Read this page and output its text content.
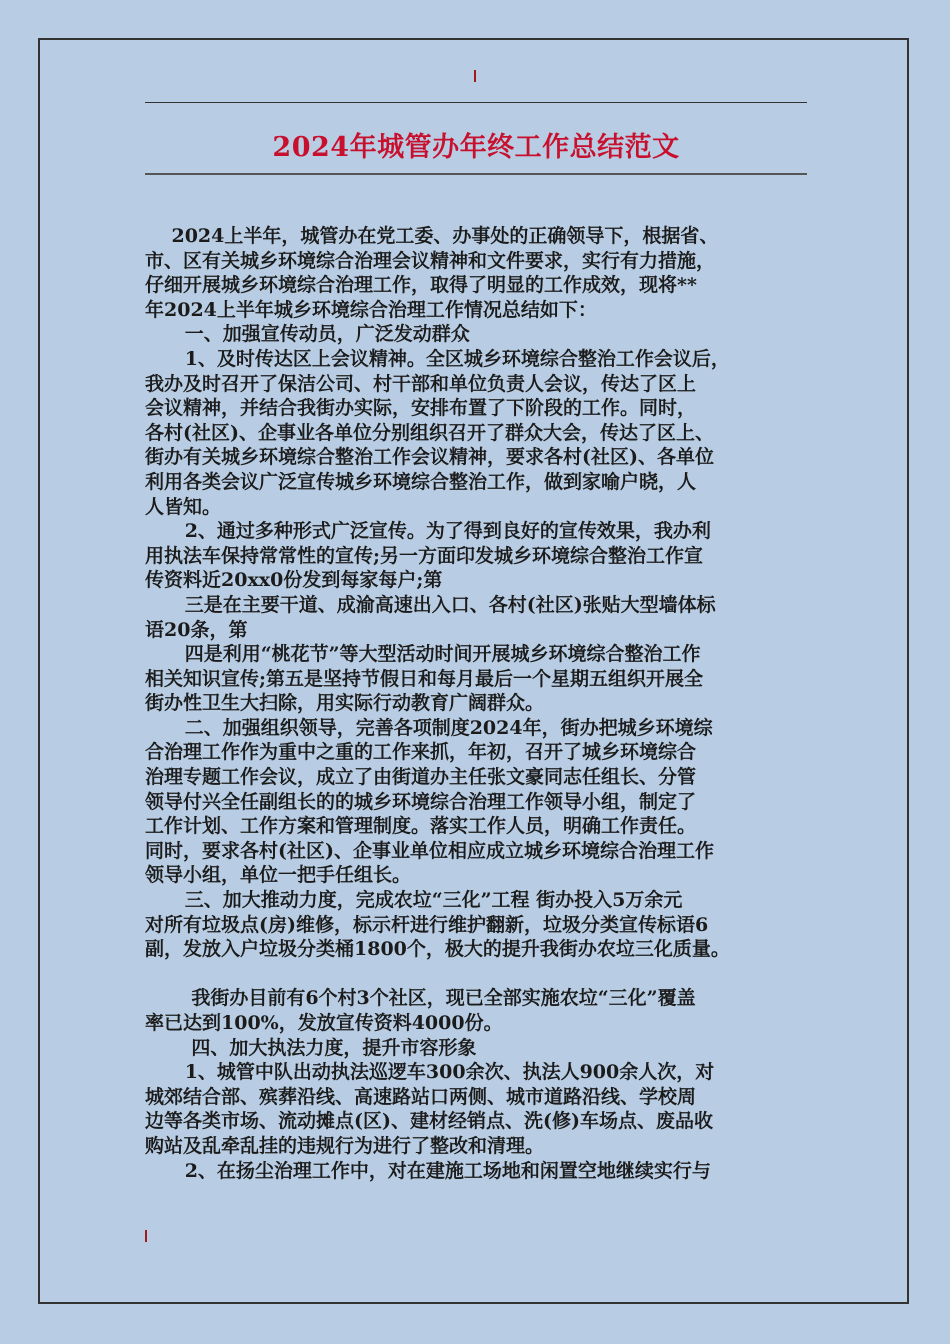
2024年城管办年终工作总结范文

2024上半年，城管办在党工委、办事处的正确领导下，根据省、
市、区有关城乡环境综合治理会议精神和文件要求，实行有力措施，
仔细开展城乡环境综合治理工作，取得了明显的工作成效，现将**
年2024上半年城乡环境综合治理工作情况总结如下：

一、加强宣传动员，广泛发动群众

1、及时传达区上会议精神。全区城乡环境综合整治工作会议后，
我办及时召开了保洁公司、村干部和单位负责人会议，传达了区上
会议精神，并结合我街办实际，安排布置了下阶段的工作。同时，
各村(社区)、企事业各单位分别组织召开了群众大会，传达了区上、
街办有关城乡环境综合整治工作会议精神，要求各村(社区)、各单位
利用各类会议广泛宣传城乡环境综合整治工作，做到家喻户晓，人
人皆知。

2、通过多种形式广泛宣传。为了得到良好的宣传效果，我办利
用执法车保持常常性的宣传;另一方面印发城乡环境综合整治工作宣
传资料近20xx0份发到每家每户;第

三是在主要干道、成渝高速出入口、各村(社区)张贴大型墙体标
语20条，第

四是利用“桃花节”等大型活动时间开展城乡环境综合整治工作
相关知识宣传;第五是坚持节假日和每月最后一个星期五组织开展全
街办性卫生大扫除，用实际行动教育广阔群众。

二、加强组织领导，完善各项制度2024年，街办把城乡环境综
合治理工作作为重中之重的工作来抓，年初，召开了城乡环境综合
治理专题工作会议，成立了由街道办主任张文豪同志任组长、分管
领导付兴全任副组长的的城乡环境综合治理工作领导小组，制定了
工作计划、工作方案和管理制度。落实工作人员，明确工作责任。
同时，要求各村(社区)、企事业单位相应成立城乡环境综合治理工作
领导小组，单位一把手任组长。

三、加大推动力度，完成农垃“三化”工程 街办投入5万余元
对所有垃圾点(房)维修，标示杆进行维护翻新，垃圾分类宣传标语6
副，发放入户垃圾分类桶1800个，极大的提升我街办农垃三化质量。

我街办目前有6个村3个社区，现已全部实施农垃“三化”覆盖
率已达到100%，发放宣传资料4000份。

四、加大执法力度，提升市容形象

1、城管中队出动执法巡逻车300余次、执法人900余人次，对
城郊结合部、殡葬沿线、高速路站口两侧、城市道路沿线、学校周
边等各类市场、流动摊点(区)、建材经销点、洗(修)车场点、废品收
购站及乱牵乱挂的违规行为进行了整改和清理。

2、在扬尘治理工作中，对在建施工场地和闲置空地继续实行与
